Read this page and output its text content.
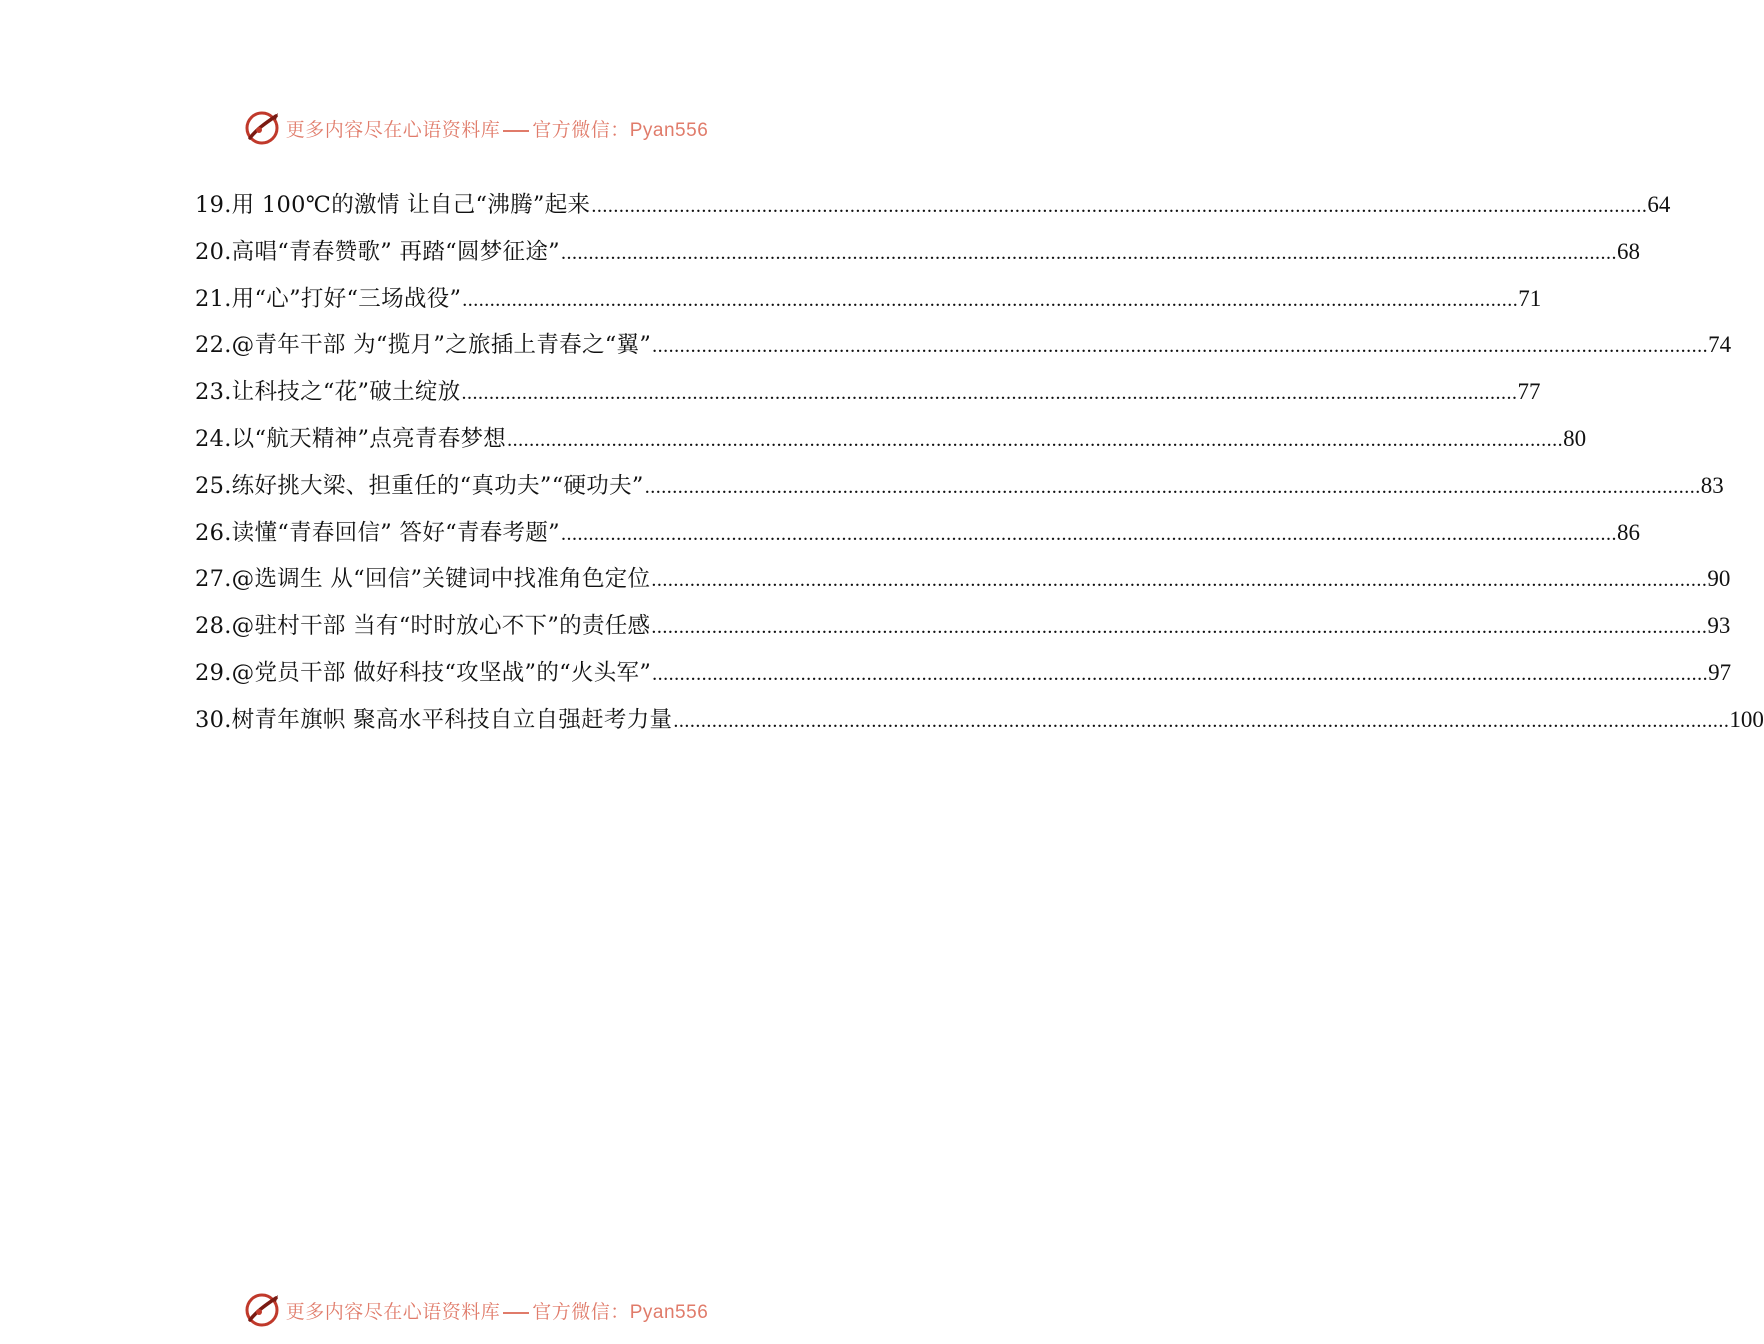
更多内容尽在心语资料库 官方微信：Pyan556
19.用 100℃的激情 让自己“沸腾”起来 .....	64
20.高唱“青春赞歌” 再踏“圆梦征途” .....	68
21.用“心”打好“三场战役” .....	71
22.@青年干部 为“揽月”之旅插上青春之“翼” .....	74
23.让科技之“花”破土绽放 .....	77
24.以“航天精神”点亮青春梦想 .....	80
25.练好挑大梁、担重任的“真功夫”“硬功夫” .....	83
26.读懂“青春回信” 答好“青春考题” .....	86
27.@选调生 从“回信”关键词中找准角色定位 .....	90
28.@驻村干部 当有“时时放心不下”的责任感 .....	93
29.@党员干部 做好科技“攻坚战”的“火头军” .....	97
30.树青年旗帜 聚高水平科技自立自强赶考力量 .....	100
更多内容尽在心语资料库 官方微信：Pyan556
